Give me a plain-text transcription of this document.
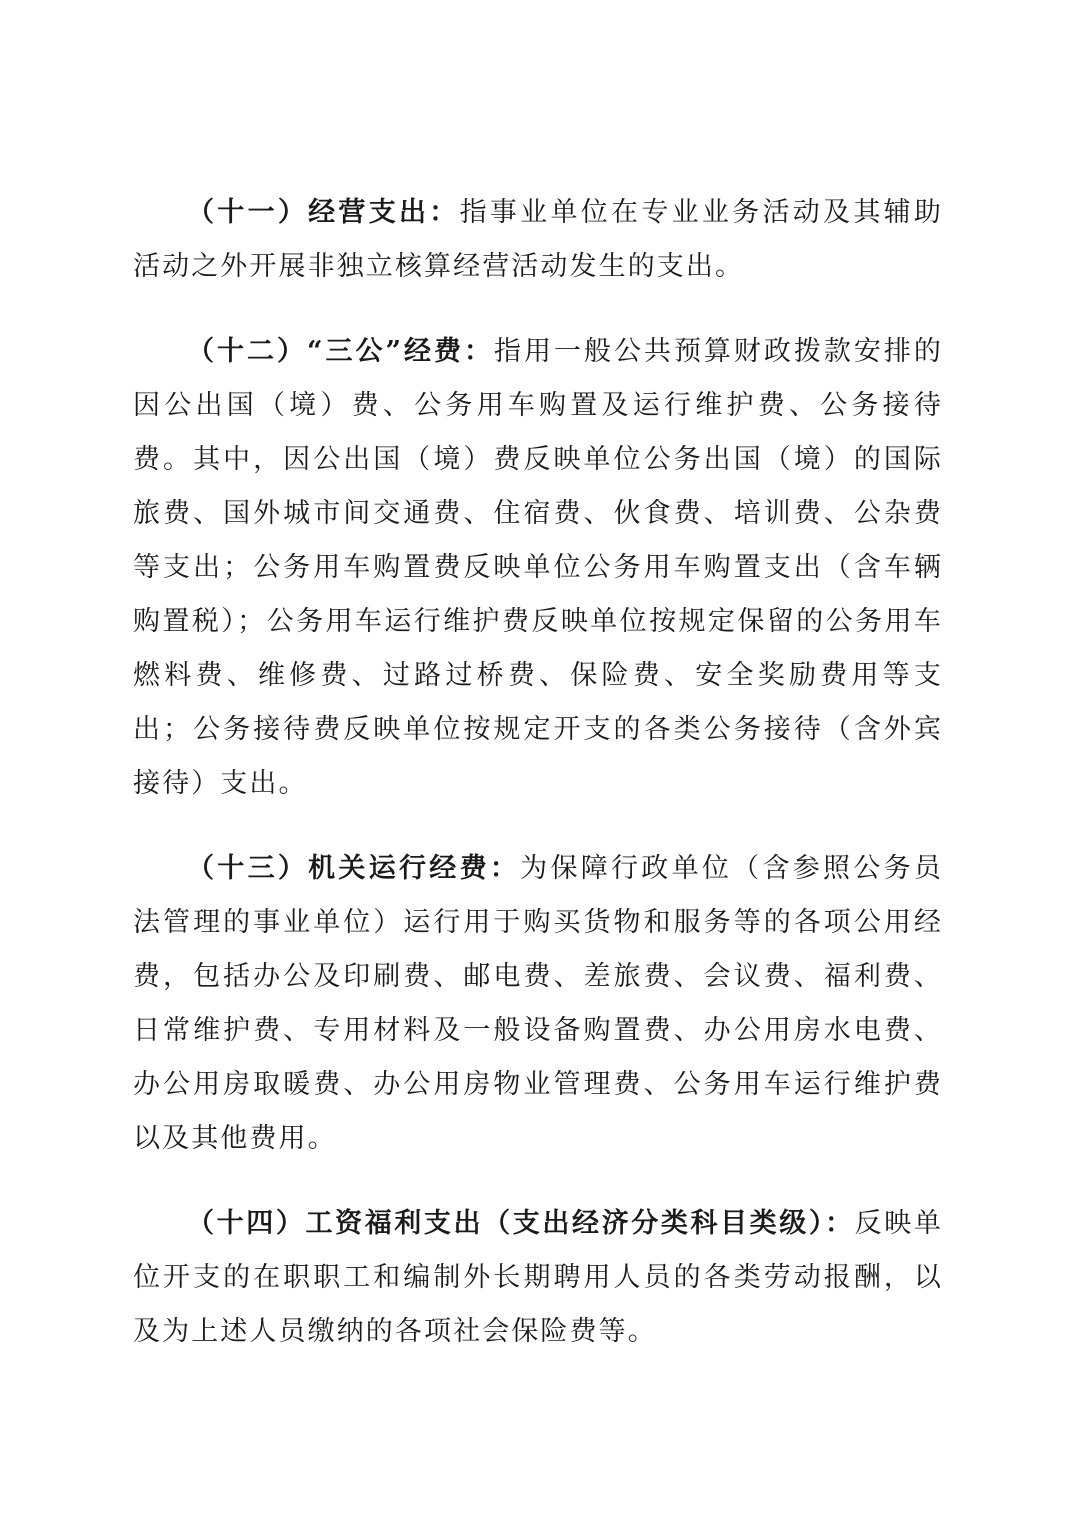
（十一）经营支出：指事业单位在专业业务活动及其辅助活动之外开展非独立核算经营活动发生的支出。

（十二）“三公”经费：指用一般公共预算财政拨款安排的因公出国（境）费、公务用车购置及运行维护费、公务接待费。其中，因公出国（境）费反映单位公务出国（境）的国际旅费、国外城市间交通费、住宿费、伙食费、培训费、公杂费等支出；公务用车购置费反映单位公务用车购置支出（含车辆购置税）；公务用车运行维护费反映单位按规定保留的公务用车燃料费、维修费、过路过桥费、保险费、安全奖励费用等支出；公务接待费反映单位按规定开支的各类公务接待（含外宾接待）支出。

（十三）机关运行经费：为保障行政单位（含参照公务员法管理的事业单位）运行用于购买货物和服务等的各项公用经费，包括办公及印刷费、邮电费、差旅费、会议费、福利费、日常维护费、专用材料及一般设备购置费、办公用房水电费、办公用房取暖费、办公用房物业管理费、公务用车运行维护费以及其他费用。

（十四）工资福利支出（支出经济分类科目类级）：反映单位开支的在职职工和编制外长期聘用人员的各类劳动报酬，以及为上述人员缴纳的各项社会保险费等。
